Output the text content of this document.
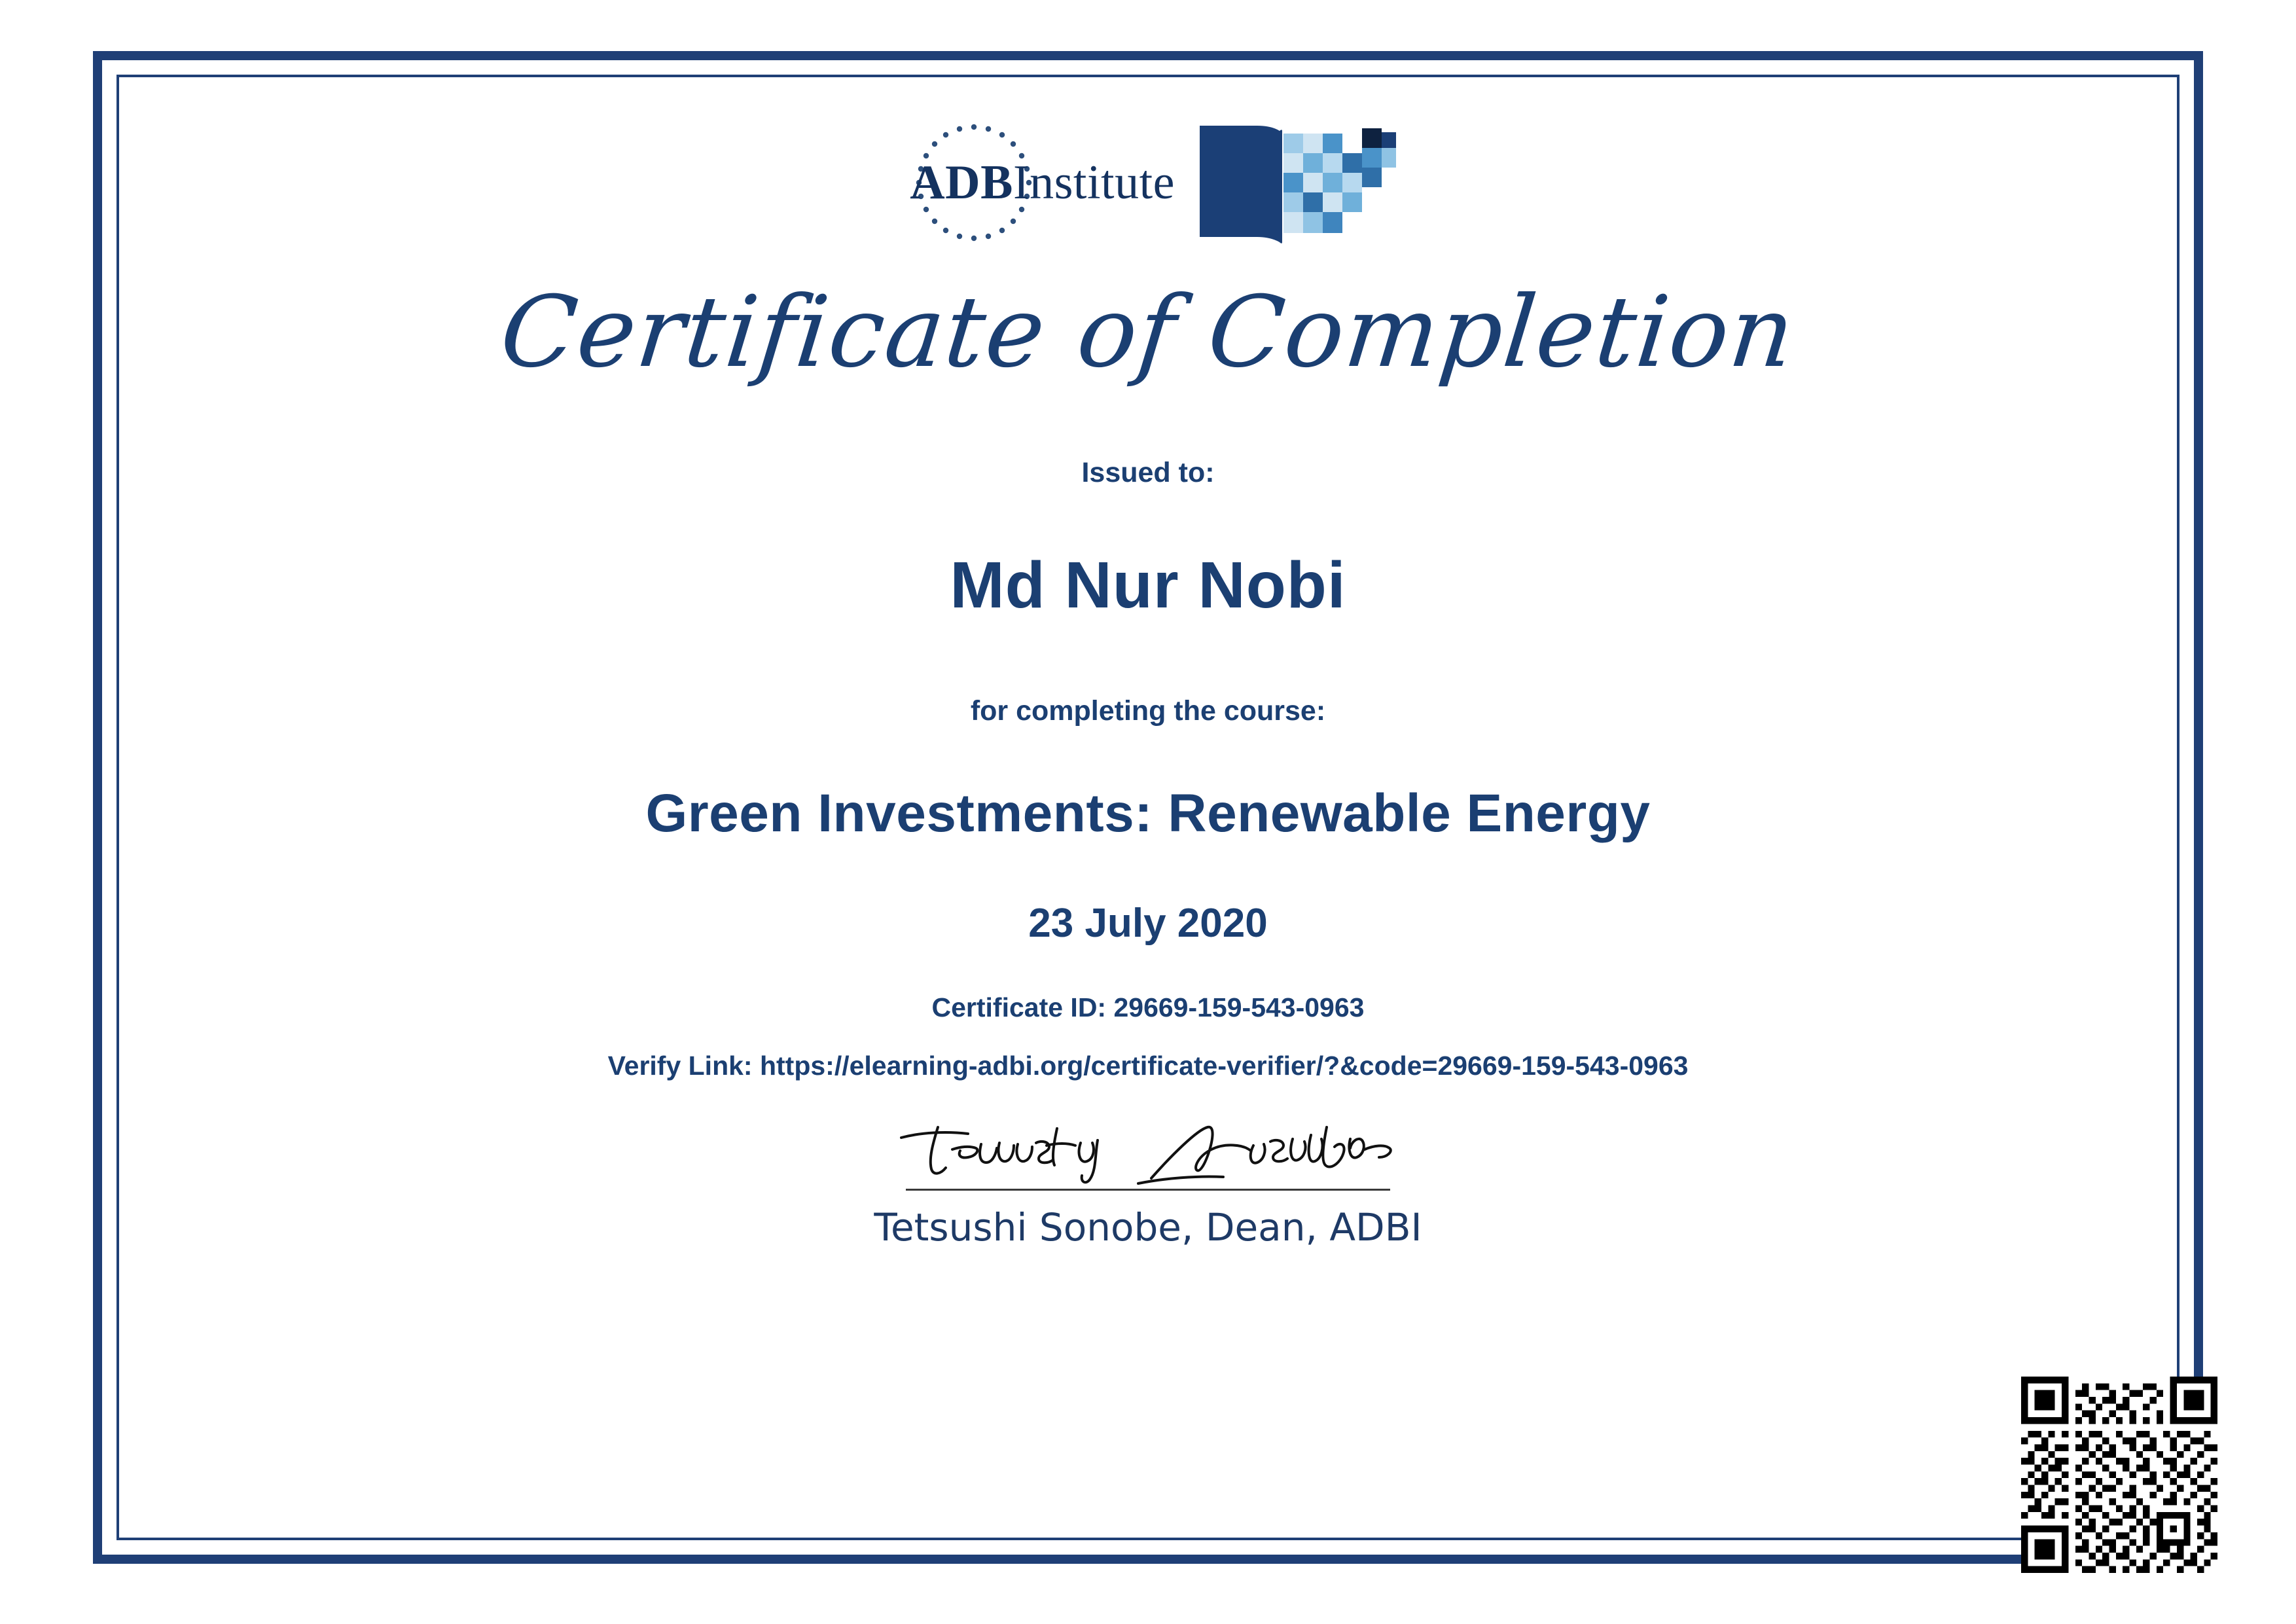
ADBInstitute
Certificate of Completion
Issued to:
Md Nur Nobi
for completing the course:
Green Investments: Renewable Energy
23 July 2020
Certificate ID: 29669-159-543-0963
Verify Link: https://elearning-adbi.org/certificate-verifier/?&code=29669-159-543-0963
Tetsushi Sonobe, Dean, ADBI
